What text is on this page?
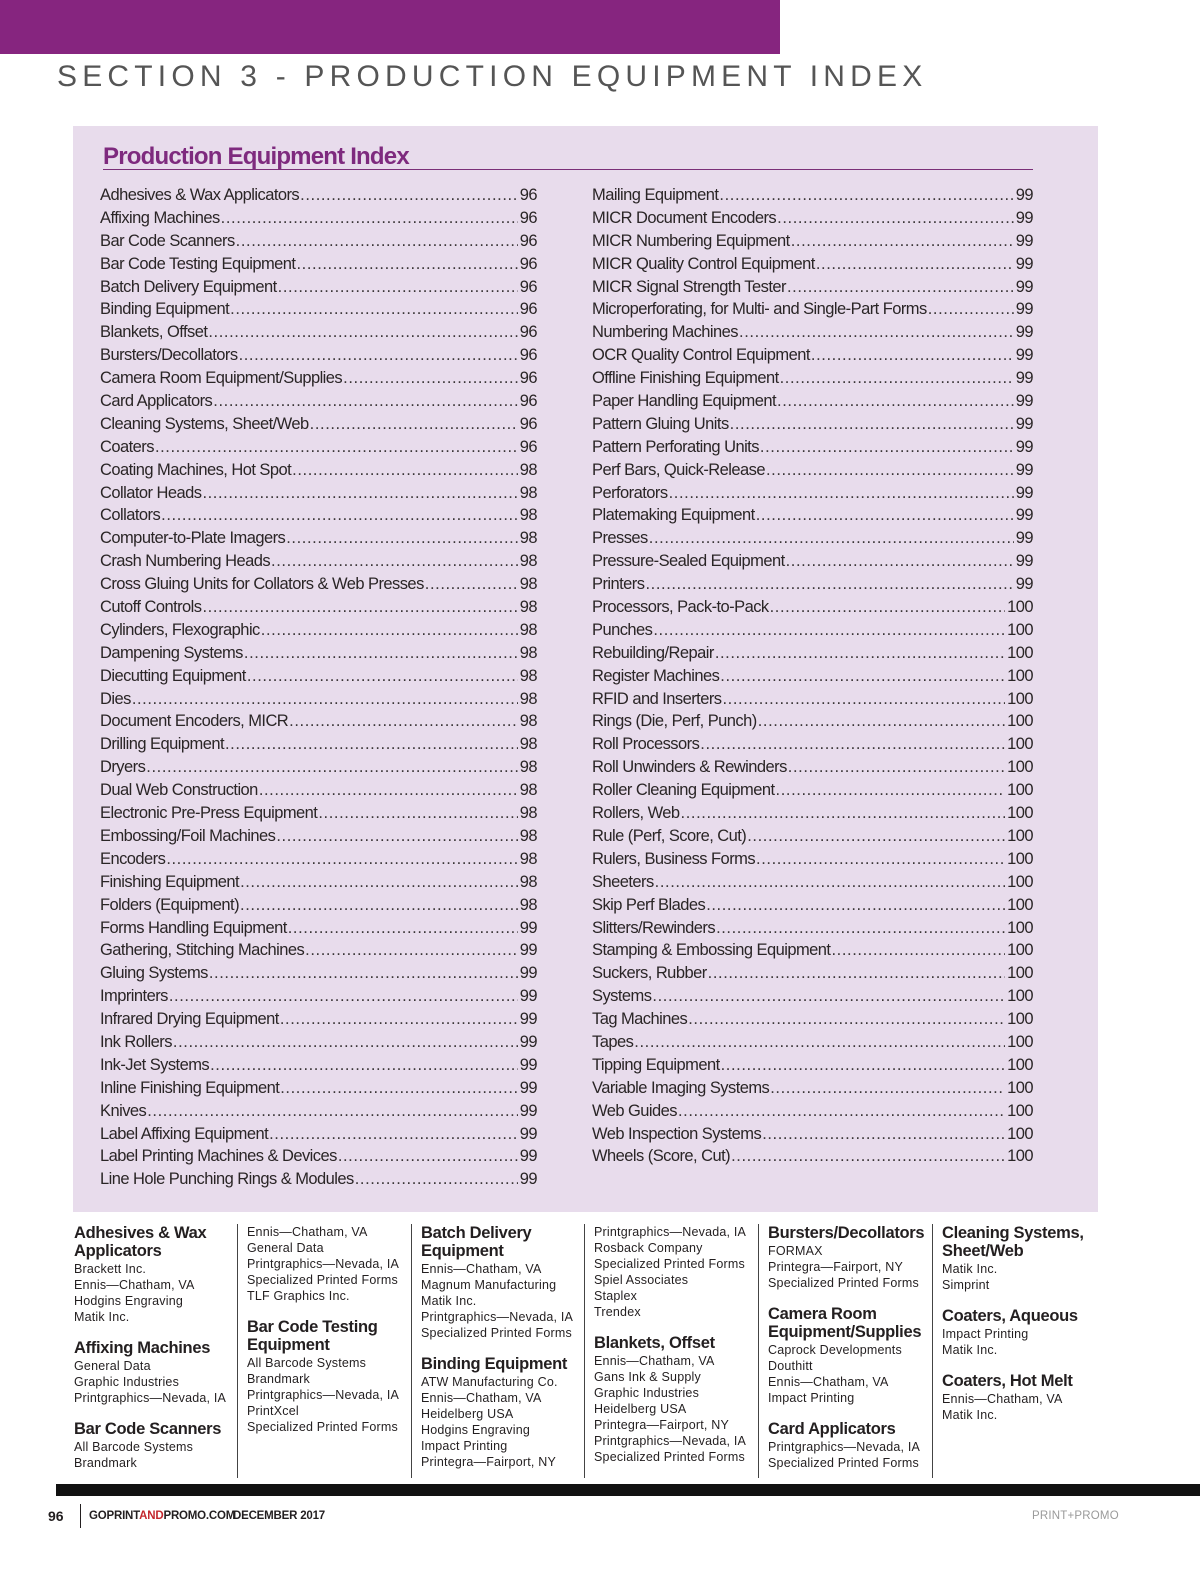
SECTION 3 - PRODUCTION EQUIPMENT INDEX
Production Equipment Index
Adhesives & Wax Applicators .....	96
Affixing Machines .....	96
Bar Code Scanners .....	96
Bar Code Testing Equipment .....	96
Batch Delivery Equipment .....	96
Binding Equipment .....	96
Blankets, Offset .....	96
Bursters/Decollators .....	96
Camera Room Equipment/Supplies .....	96
Card Applicators .....	96
Cleaning Systems, Sheet/Web .....	96
Coaters .....	96
Coating Machines, Hot Spot .....	98
Collator Heads .....	98
Collators .....	98
Computer-to-Plate Imagers .....	98
Crash Numbering Heads .....	98
Cross Gluing Units for Collators & Web Presses .....	98
Cutoff Controls .....	98
Cylinders, Flexographic .....	98
Dampening Systems .....	98
Diecutting Equipment .....	98
Dies .....	98
Document Encoders, MICR .....	98
Drilling Equipment .....	98
Dryers .....	98
Dual Web Construction .....	98
Electronic Pre-Press Equipment .....	98
Embossing/Foil Machines .....	98
Encoders .....	98
Finishing Equipment .....	98
Folders (Equipment) .....	98
Forms Handling Equipment .....	99
Gathering, Stitching Machines .....	99
Gluing Systems .....	99
Imprinters .....	99
Infrared Drying Equipment .....	99
Ink Rollers .....	99
Ink-Jet Systems .....	99
Inline Finishing Equipment .....	99
Knives .....	99
Label Affixing Equipment .....	99
Label Printing Machines & Devices .....	99
Line Hole Punching Rings & Modules .....	99
Mailing Equipment .....	99
MICR Document Encoders .....	99
MICR Numbering Equipment .....	99
MICR Quality Control Equipment .....	99
MICR Signal Strength Tester .....	99
Microperforating, for Multi- and Single-Part Forms .....	99
Numbering Machines .....	99
OCR Quality Control Equipment .....	99
Offline Finishing Equipment .....	99
Paper Handling Equipment .....	99
Pattern Gluing Units .....	99
Pattern Perforating Units .....	99
Perf Bars, Quick-Release .....	99
Perforators .....	99
Platemaking Equipment .....	99
Presses .....	99
Pressure-Sealed Equipment .....	99
Printers .....	99
Processors, Pack-to-Pack .....	100
Punches .....	100
Rebuilding/Repair .....	100
Register Machines .....	100
RFID and Inserters .....	100
Rings (Die, Perf, Punch) .....	100
Roll Processors .....	100
Roll Unwinders & Rewinders .....	100
Roller Cleaning Equipment .....	100
Rollers, Web .....	100
Rule (Perf, Score, Cut) .....	100
Rulers, Business Forms .....	100
Sheeters .....	100
Skip Perf Blades .....	100
Slitters/Rewinders .....	100
Stamping & Embossing Equipment .....	100
Suckers, Rubber .....	100
Systems .....	100
Tag Machines .....	100
Tapes .....	100
Tipping Equipment .....	100
Variable Imaging Systems .....	100
Web Guides .....	100
Web Inspection Systems .....	100
Wheels (Score, Cut) .....	100
Adhesives & Wax Applicators
Brackett Inc.
Ennis—Chatham, VA
Hodgins Engraving
Matik Inc.
Affixing Machines
General Data
Graphic Industries
Printgraphics—Nevada, IA
Bar Code Scanners
All Barcode Systems
Brandmark
Ennis—Chatham, VA
General Data
Printgraphics—Nevada, IA
Specialized Printed Forms
TLF Graphics Inc.
Bar Code Testing Equipment
All Barcode Systems
Brandmark
Printgraphics—Nevada, IA
PrintXcel
Specialized Printed Forms
Batch Delivery Equipment
Ennis—Chatham, VA
Magnum Manufacturing
Matik Inc.
Printgraphics—Nevada, IA
Specialized Printed Forms
Binding Equipment
ATW Manufacturing Co.
Ennis—Chatham, VA
Heidelberg USA
Hodgins Engraving
Impact Printing
Printegra—Fairport, NY
Printgraphics—Nevada, IA
Rosback Company
Specialized Printed Forms
Spiel Associates
Staplex
Trendex
Blankets, Offset
Ennis—Chatham, VA
Gans Ink & Supply
Graphic Industries
Heidelberg USA
Printegra—Fairport, NY
Printgraphics—Nevada, IA
Specialized Printed Forms
Bursters/Decollators
FORMAX
Printegra—Fairport, NY
Specialized Printed Forms
Camera Room Equipment/Supplies
Caprock Developments
Douthitt
Ennis—Chatham, VA
Impact Printing
Card Applicators
Printgraphics—Nevada, IA
Specialized Printed Forms
Cleaning Systems, Sheet/Web
Matik Inc.
Simprint
Coaters, Aqueous
Impact Printing
Matik Inc.
Coaters, Hot Melt
Ennis—Chatham, VA
Matik Inc.
96 GOPRINTANDPROMO.COM
DECEMBER 2017	PRINT+PROMO
